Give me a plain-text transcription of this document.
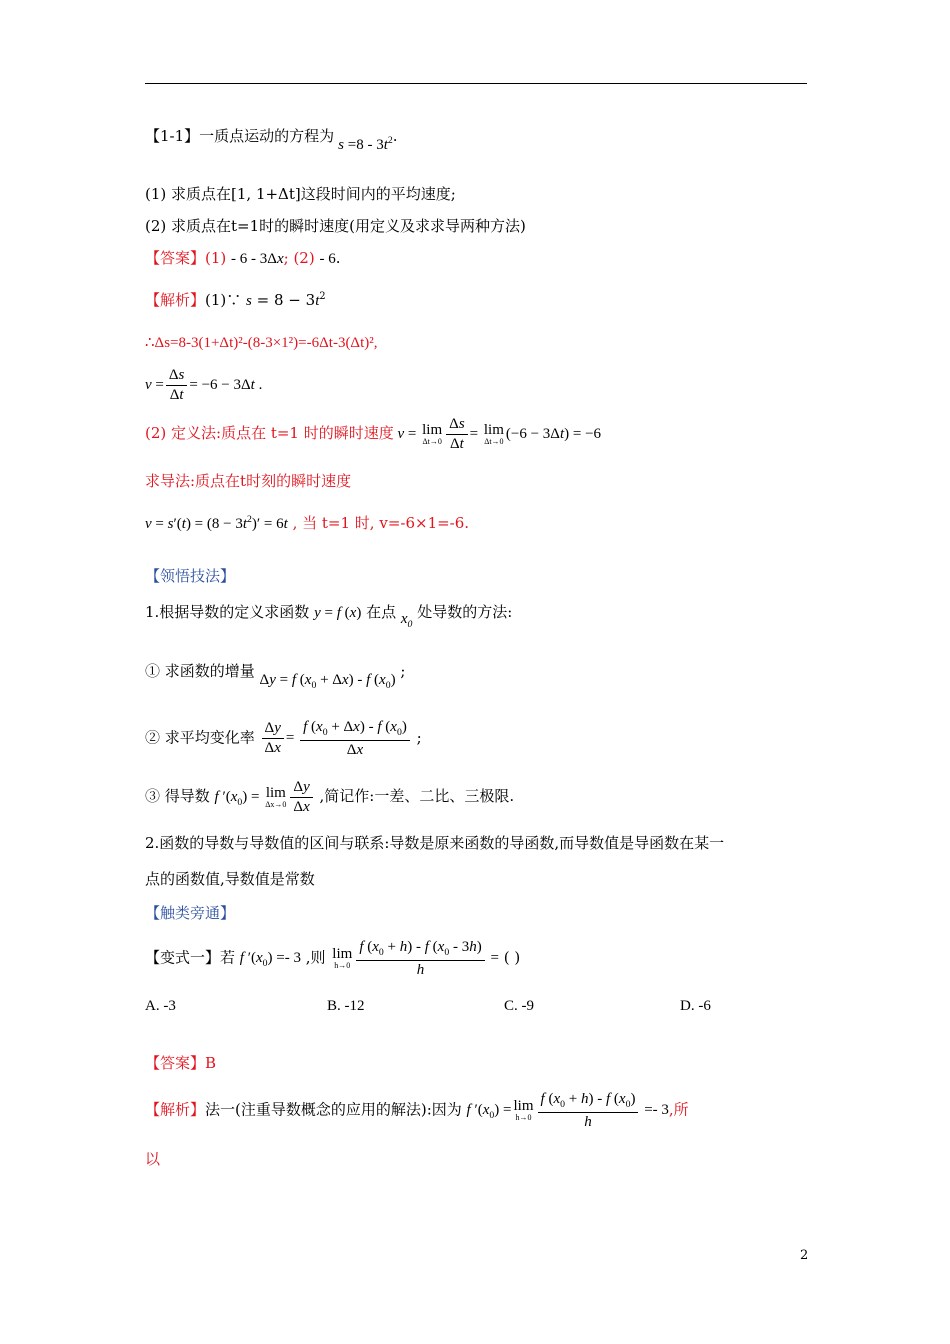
【1-1】一质点运动的方程为 $s =8 - 3t^2$.
(1) 求质点在[1, 1+Δt]这段时间内的平均速度;
(2) 求质点在t=1时的瞬时速度(用定义及求求导两种方法)
【答案】(1) - 6 - 3Δx; (2) - 6.
【解析】(1)∵ $s = 8 - 3t^2$
∴Δs=8-3(1+Δt)²-(8-3×1²)=-6Δt-3(Δt)²,
$v = \frac{\Delta s}{\Delta t} = -6 - 3\Delta t$ .
(2) 定义法:质点在 t=1 时的瞬时速度 v = lim
$\Delta t\to 0 \frac{\Delta s}{\Delta t} = \lim$
Δt→0 (−6 − 3Δt) = −6
求导法:质点在t时刻的瞬时速度
$v = s'(t) = (8 - 3t^2)' = 6t$ , 当 t=1 时, v=-6×1=-6.
【领悟技法】
1.根据导数的定义求函数 y = f (x) 在点 $x_0$ 处导数的方法:
① 求函数的增量 Δy = f $(x_0 + \Delta x) - f$ $(x_0)$ ;
② 求平均变化率 $\frac{\Delta y}{\Delta x} = \frac{f (x_0 + \Delta x) - f (x_0)}{\Delta x}$ ;
③ 得导数 f $'(x_0) = \lim$
$\Delta x\to 0 \frac{\Delta y}{\Delta x}$ ,简记作:一差、二比、三极限.
2.函数的导数与导数值的区间与联系:导数是原来函数的导函数,而导数值是导函数在某一
点的函数值,导数值是常数
【触类旁通】
【变式一】若 f $'(x_0) =- 3$ ,则 lim
$h\to 0 \frac{f (x_0 + h) - f (x_0 - 3h)}{h}$ = ( )
A. -3	B. -12	C. -9	D. -6
【答案】B
【解析】法一(注重导数概念的应用的解法):因为 f $'(x_0) = \lim$
$h\to 0 \frac{f (x_0 + h) - f (x_0)}{h} =- 3$,所
以
2
